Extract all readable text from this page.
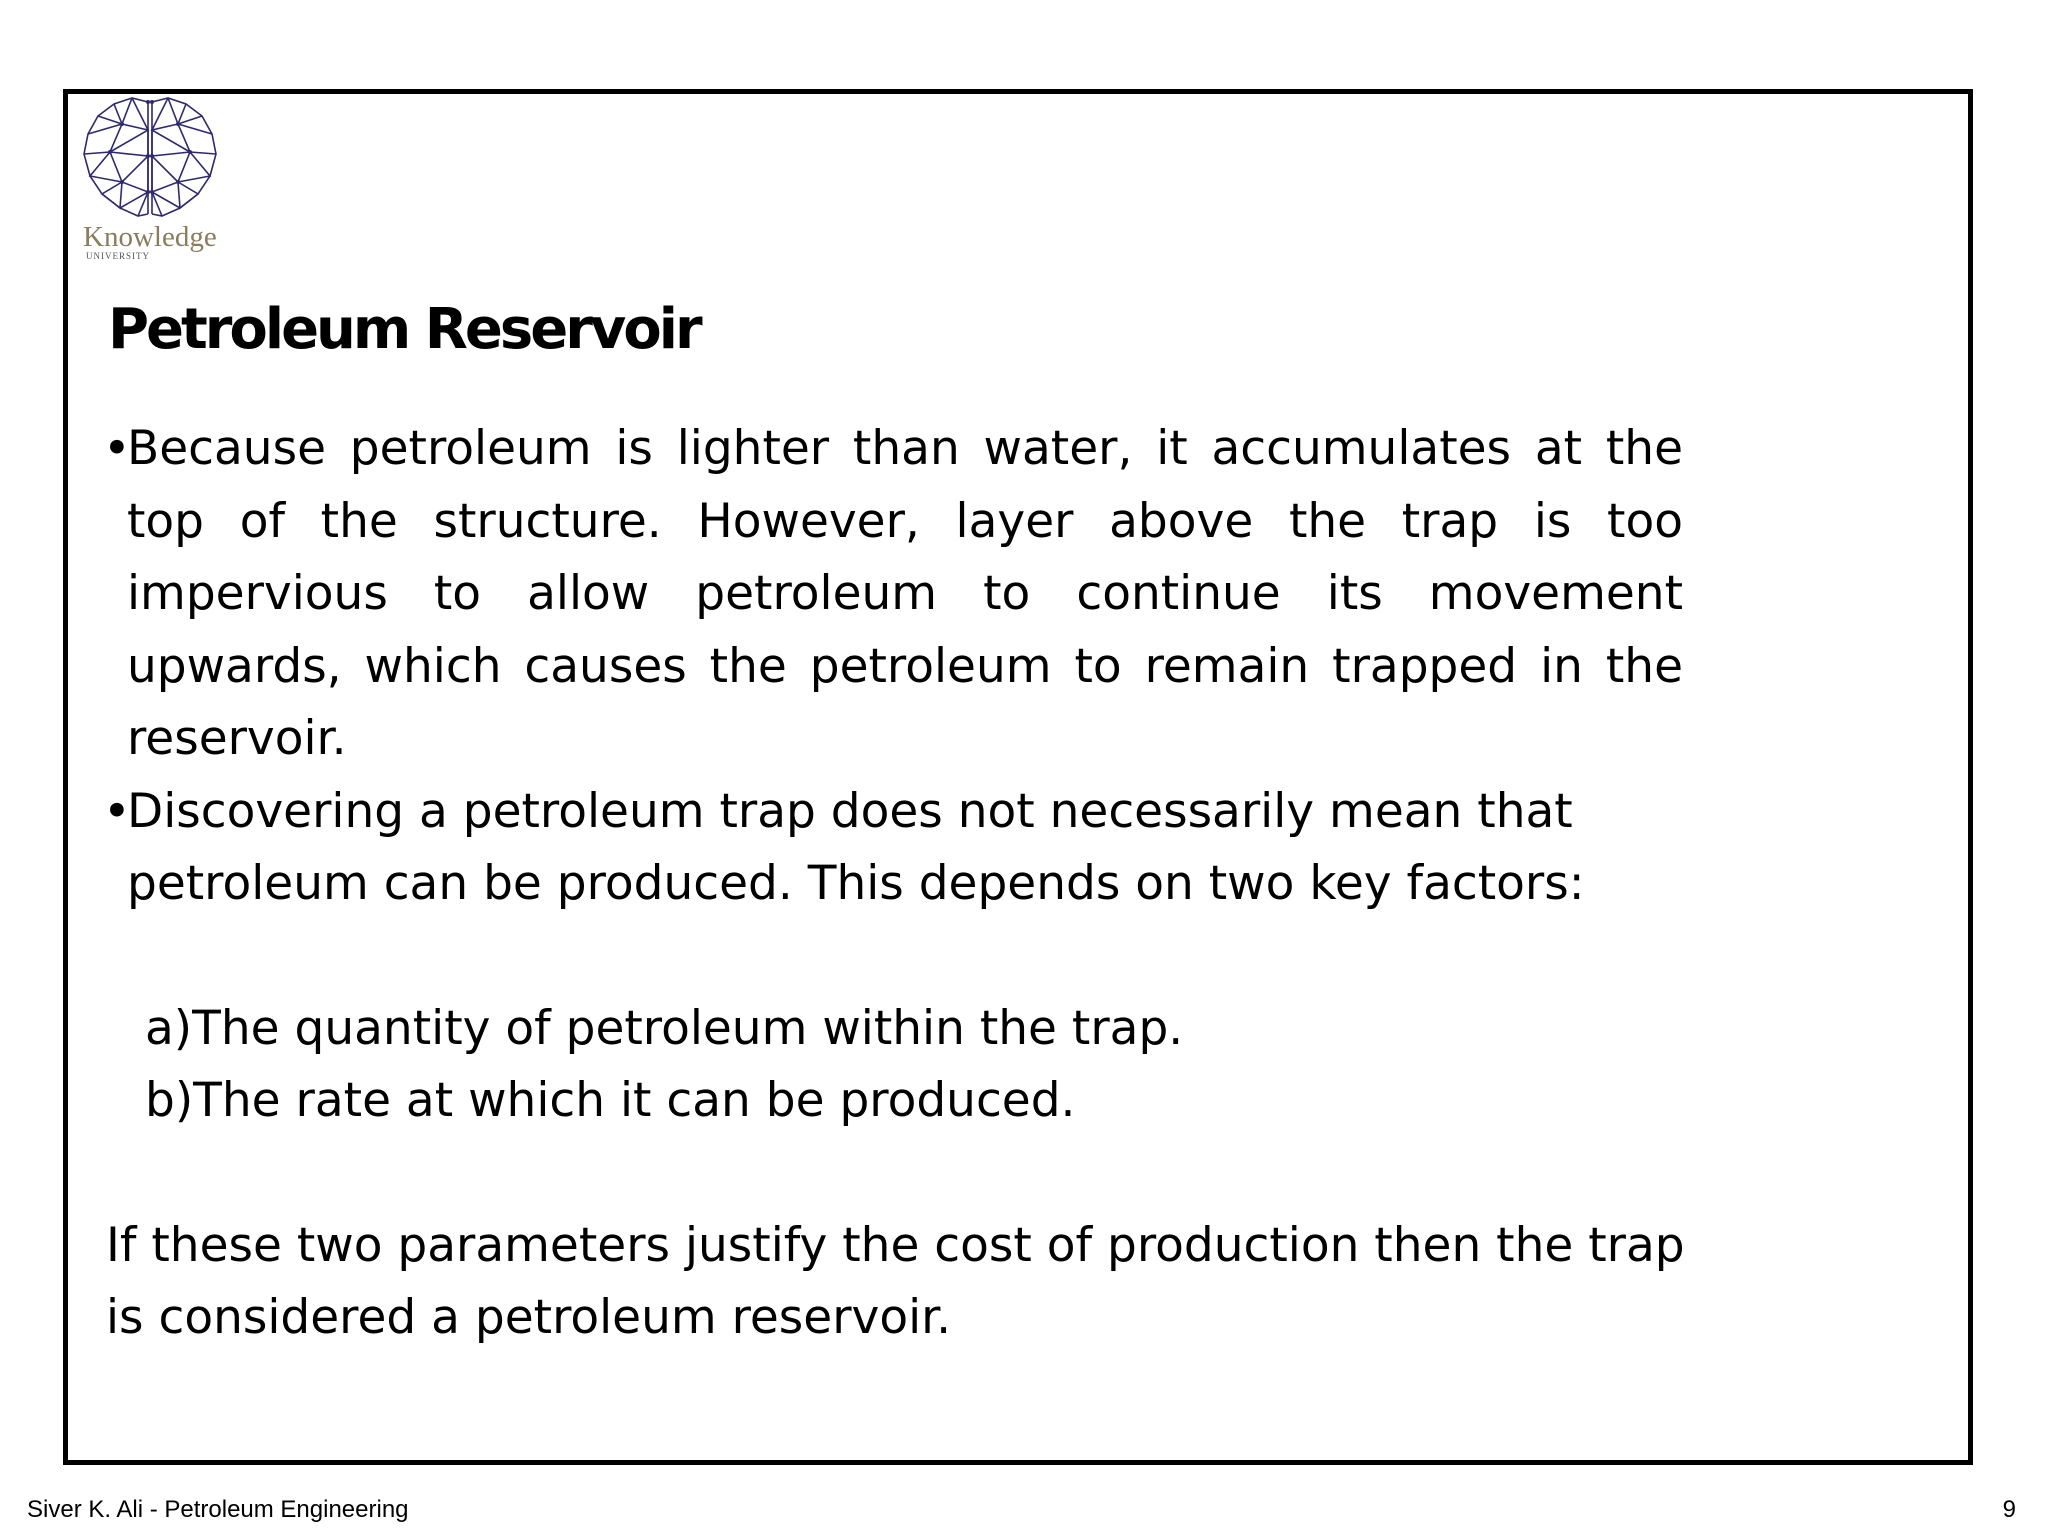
Knowledge
UNIVERSITY
Petroleum Reservoir

•
Because petroleum is lighter than water, it accumulates at the top of the structure. However, layer above the trap is too impervious to allow petroleum to continue its movement upwards, which causes the petroleum to remain trapped in the reservoir.

•
Discovering a petroleum trap does not necessarily mean that petroleum can be produced. This depends on two key factors:

a)The quantity of petroleum within the trap.

b)The rate at which it can be produced.

If these two parameters justify the cost of production then the trap is considered a petroleum reservoir.

Siver K. Ali - Petroleum Engineering	9
